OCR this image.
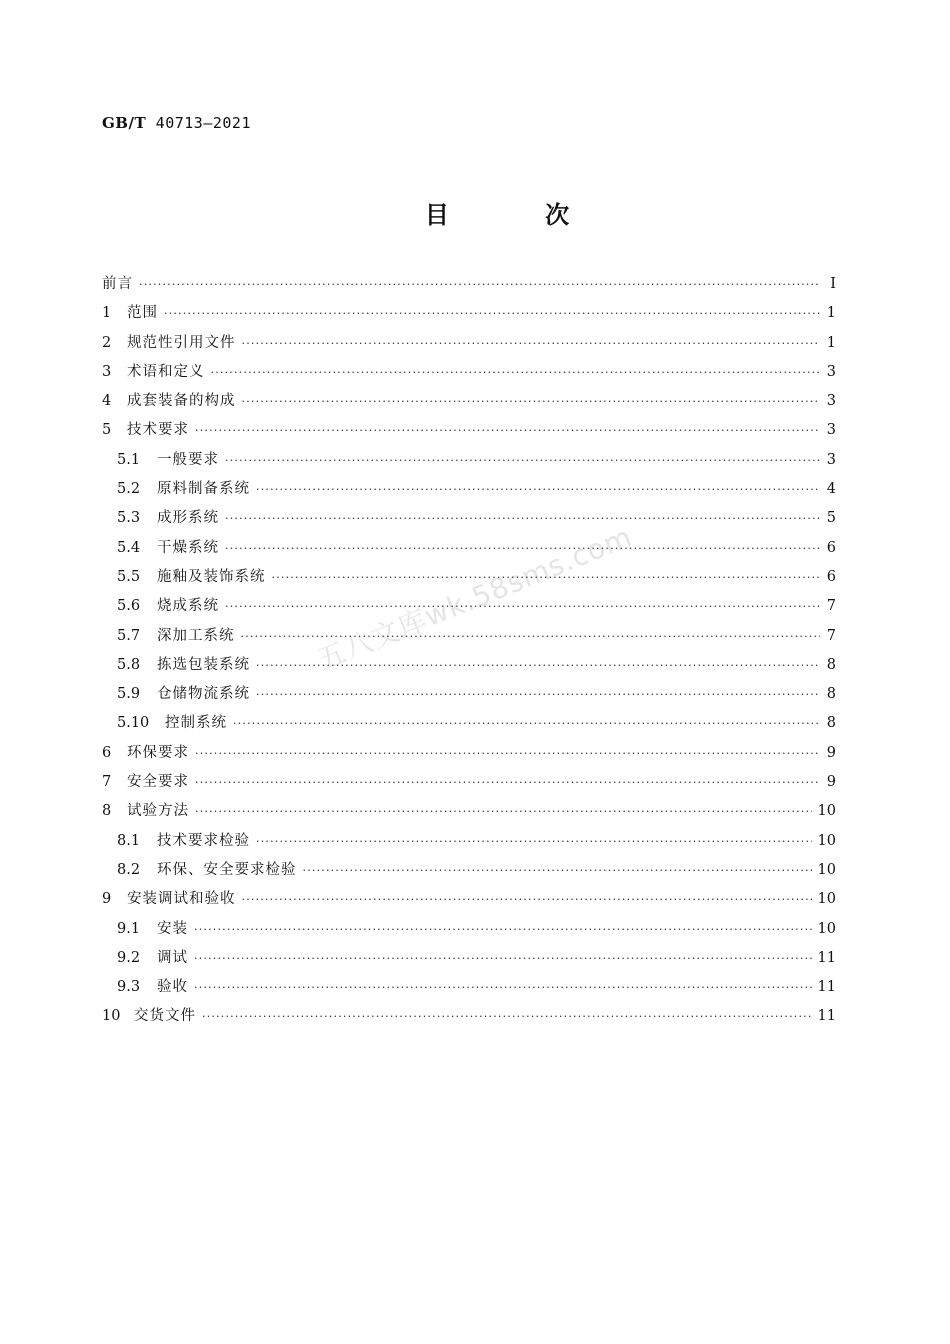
GB/T 40713—2021
目 次
五八文库wk.58sms.com
前言 ·····	Ⅰ
1	范围 ·····	1
2	规范性引用文件 ·····	1
3	术语和定义 ·····	3
4	成套装备的构成 ·····	3
5	技术要求 ·····	3
5.1	一般要求 ·····	3
5.2	原料制备系统 ·····	4
5.3	成形系统 ·····	5
5.4	干燥系统 ·····	6
5.5	施釉及装饰系统 ·····	6
5.6	烧成系统 ·····	7
5.7	深加工系统 ·····	7
5.8	拣选包装系统 ·····	8
5.9	仓储物流系统 ·····	8
5.10	控制系统 ·····	8
6	环保要求 ·····	9
7	安全要求 ·····	9
8	试验方法 ·····	10
8.1	技术要求检验 ·····	10
8.2	环保、安全要求检验 ·····	10
9	安装调试和验收 ·····	10
9.1	安装 ·····	10
9.2	调试 ·····	11
9.3	验收 ·····	11
10 交货文件 ·····	11
